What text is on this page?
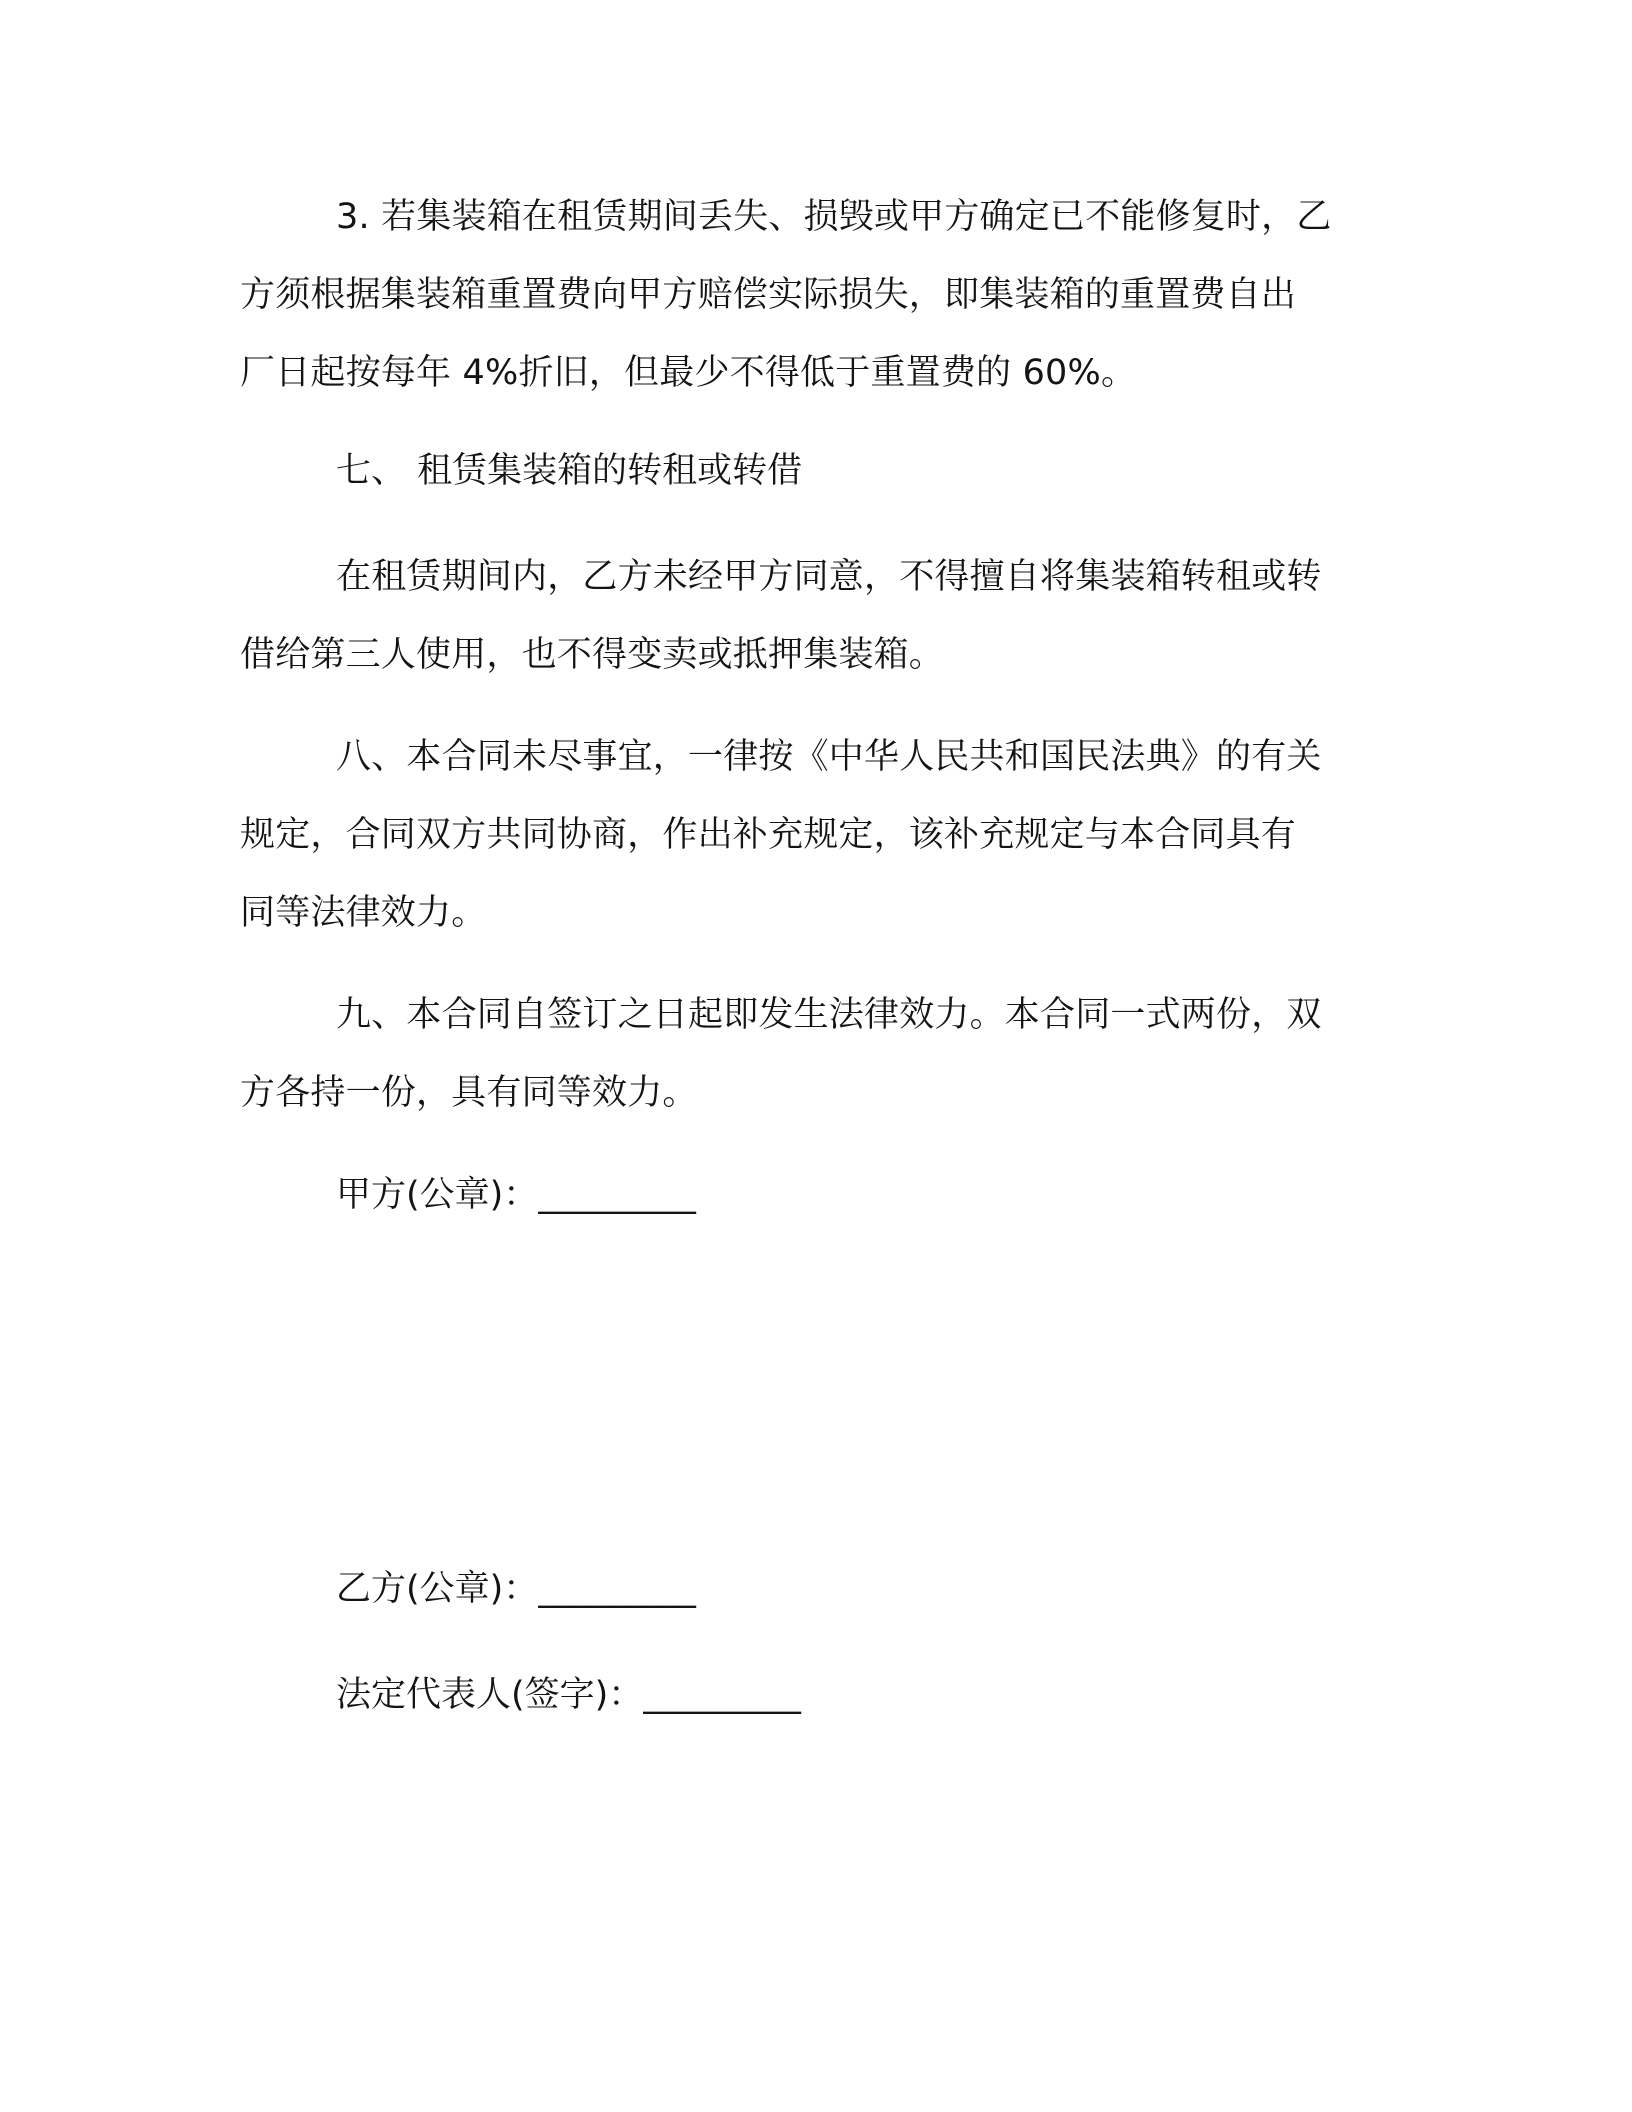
3. 若集装箱在租赁期间丢失、损毁或甲方确定已不能修复时，乙
方须根据集装箱重置费向甲方赔偿实际损失，即集装箱的重置费自出
厂日起按每年 4%折旧，但最少不得低于重置费的 60%。

七、 租赁集装箱的转租或转借

在租赁期间内，乙方未经甲方同意，不得擅自将集装箱转租或转
借给第三人使用，也不得变卖或抵押集装箱。
八、本合同未尽事宜，一律按《中华人民共和国民法典》的有关
规定，合同双方共同协商，作出补充规定，该补充规定与本合同具有
同等法律效力。
九、本合同自签订之日起即发生法律效力。本合同一式两份，双
方各持一份，具有同等效力。

甲方(公章)：_________

乙方(公章)：_________

法定代表人(签字)：_________
